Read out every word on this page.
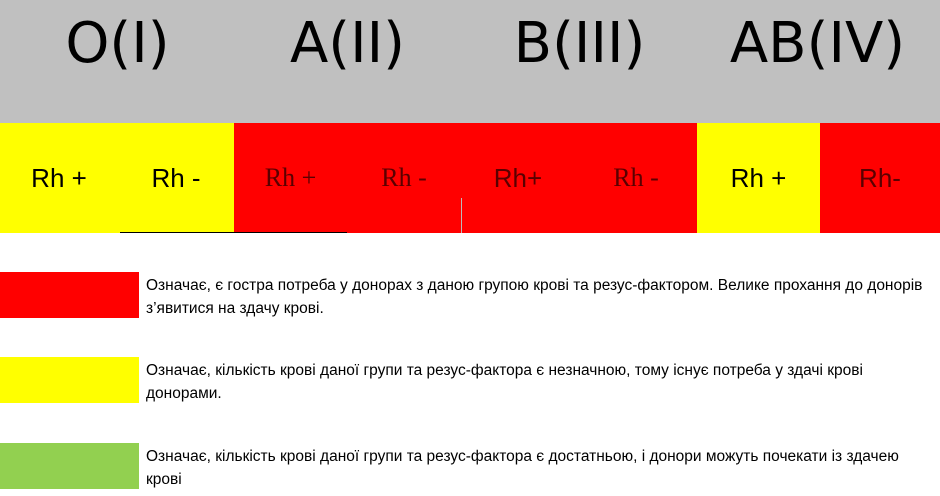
O(I)	A(II)	B(III)	AB(IV)
Rh +	Rh -	Rh +	Rh -	Rh+	Rh -	Rh +	Rh-
Означає, є гостра потреба у донорах з даною групою крові та резус-фактором. Велике прохання до донорів з’явитися на здачу крові.
Означає, кількість крові даної групи та резус-фактора є незначною, тому існує потреба у здачі крові донорами.
Означає, кількість крові даної групи та резус-фактора є достатньою, і донори можуть почекати із здачею крові
